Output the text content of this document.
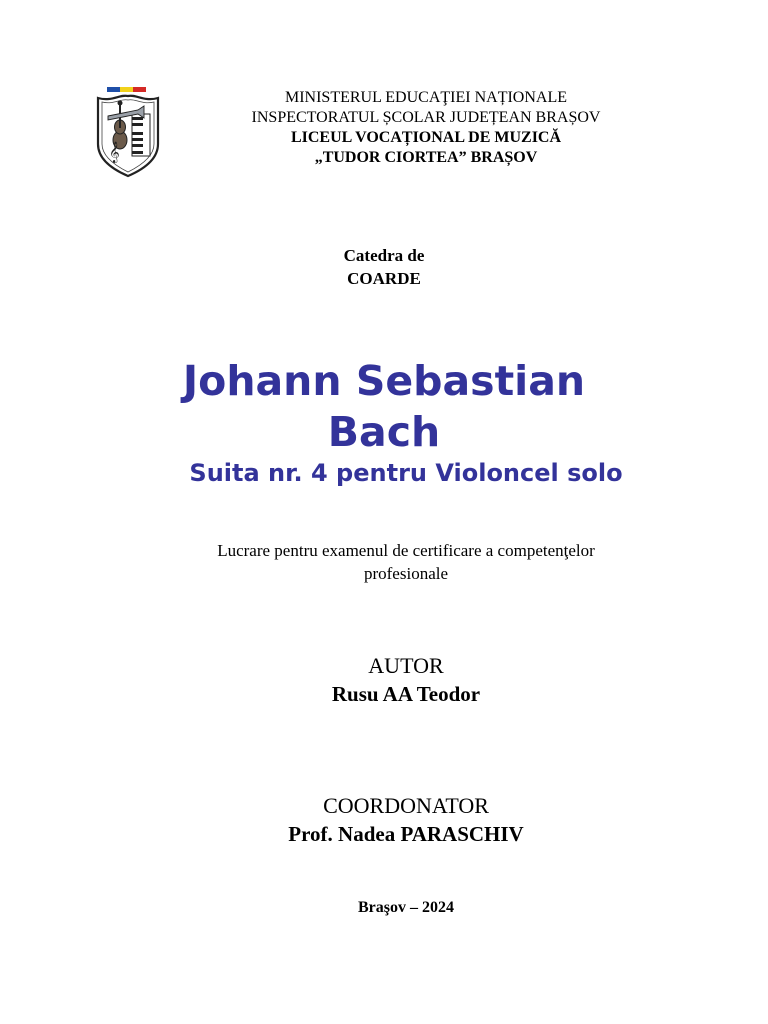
𝄞
MINISTERUL EDUCAŢIEI NAȚIONALE
INSPECTORATUL ȘCOLAR JUDEȚEAN BRAȘOV
LICEUL VOCAȚIONAL DE MUZICĂ
„TUDOR CIORTEA” BRAȘOV
Catedra de
COARDE
Johann Sebastian
Bach
Suita nr. 4 pentru Violoncel solo
Lucrare pentru examenul de certificare a competenţelor
profesionale
AUTOR
Rusu AA Teodor
COORDONATOR
Prof. Nadea PARASCHIV
Braşov – 2024
